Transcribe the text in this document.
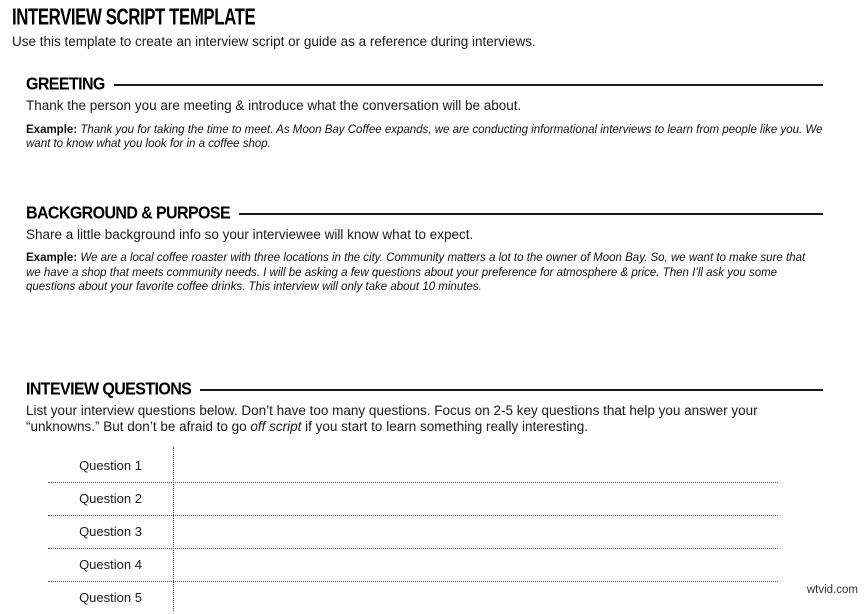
INTERVIEW SCRIPT TEMPLATE

Use this template to create an interview script or guide as a reference during interviews.

GREETING

Thank the person you are meeting & introduce what the conversation will be about.

Example: Thank you for taking the time to meet. As Moon Bay Coffee expands, we are conducting informational interviews to learn from people like you. We want to know what you look for in a coffee shop.

BACKGROUND & PURPOSE

Share a little background info so your interviewee will know what to expect.

Example: We are a local coffee roaster with three locations in the city. Community matters a lot to the owner of Moon Bay. So, we want to make sure that we have a shop that meets community needs. I will be asking a few questions about your preference for atmosphere & price. Then I’ll ask you some questions about your favorite coffee drinks. This interview will only take about 10 minutes.

INTEVIEW QUESTIONS

List your interview questions below. Don’t have too many questions. Focus on 2-5 key questions that help you answer your “unknowns.” But don’t be afraid to go off script if you start to learn something really interesting.

Question 1
Question 2
Question 3
Question 4
Question 5	wtvid.com
